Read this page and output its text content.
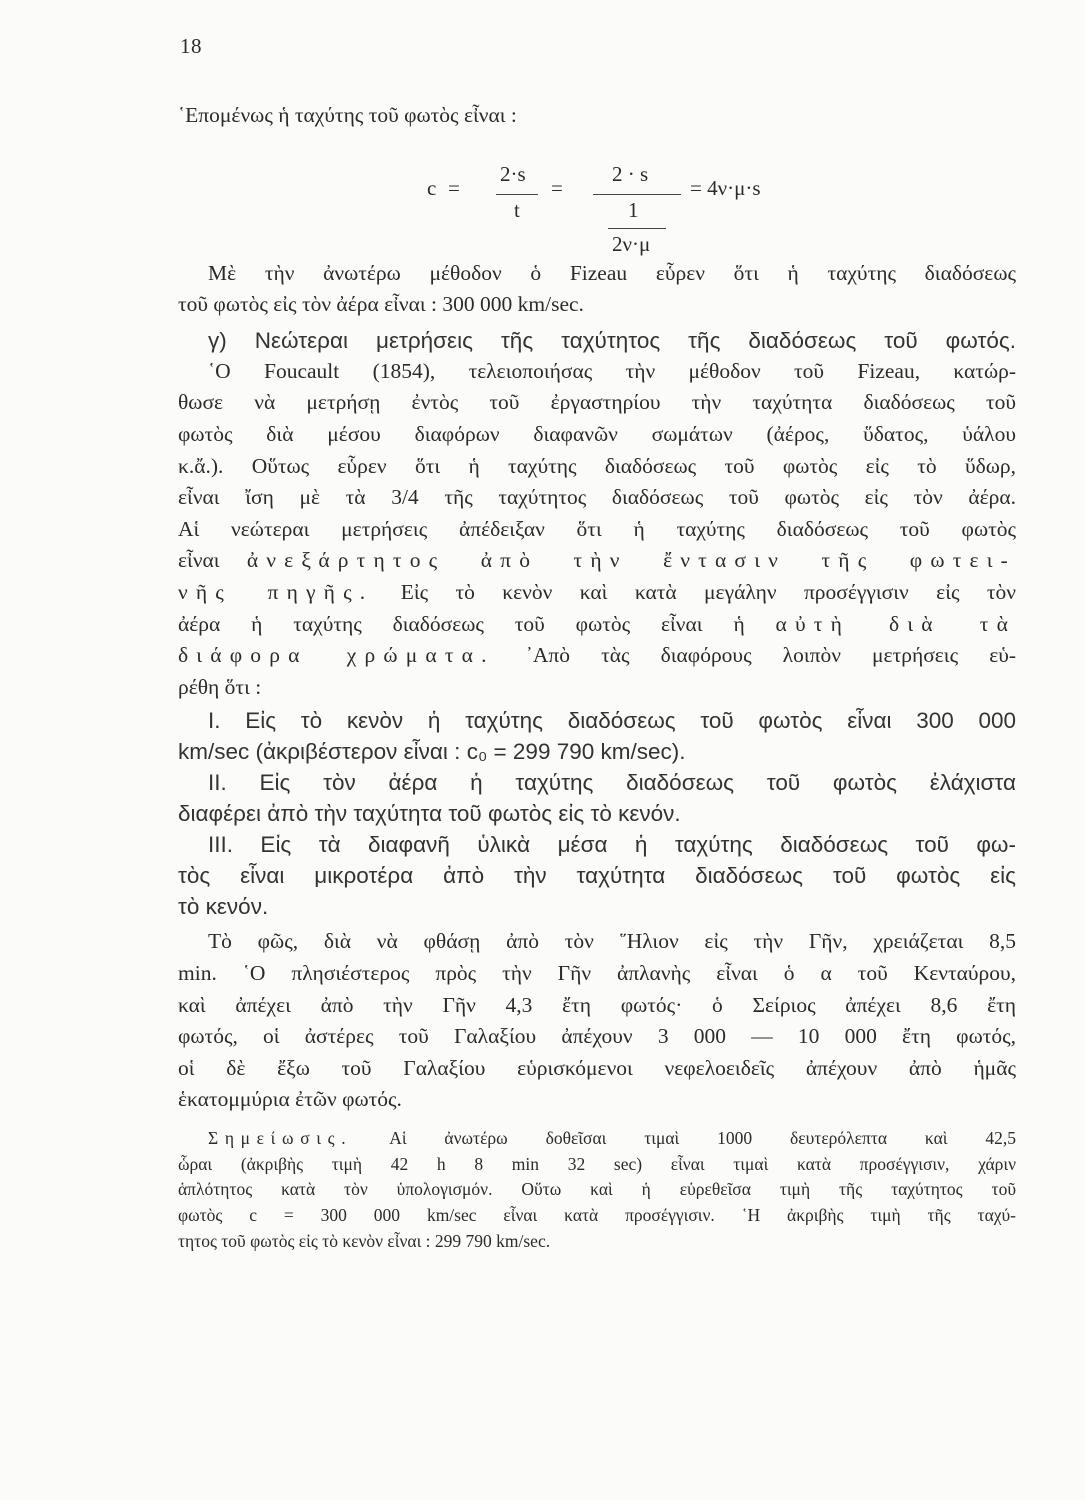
18
῾Επομένως ἡ ταχύτης τοῦ φωτὸς εἶναι :
c =
2·s
t
=
2 · s
1
2ν·μ
= 4ν·μ·s
Μὲ τὴν ἀνωτέρω μέθοδον ὁ Fizeau εὗρεν ὅτι ἡ ταχύτης διαδόσεως
τοῦ φωτὸς εἰς τὸν ἀέρα εἶναι : 300 000 km/sec.
γ) Νεώτεραι μετρήσεις τῆς ταχύτητος τῆς διαδόσεως τοῦ φωτός.
῾Ο Foucault (1854), τελειοποιήσας τὴν μέθοδον τοῦ Fizeau, κατώρ-
θωσε νὰ μετρήσῃ ἐντὸς τοῦ ἐργαστηρίου τὴν ταχύτητα διαδόσεως τοῦ
φωτὸς διὰ μέσου διαφόρων διαφανῶν σωμάτων (ἀέρος, ὕδατος, ὑάλου
κ.ἄ.). Οὕτως εὗρεν ὅτι ἡ ταχύτης διαδόσεως τοῦ φωτὸς εἰς τὸ ὕδωρ,
εἶναι ἴση μὲ τὰ 3/4 τῆς ταχύτητος διαδόσεως τοῦ φωτὸς εἰς τὸν ἀέρα.
Αἱ νεώτεραι μετρήσεις ἀπέδειξαν ὅτι ἡ ταχύτης διαδόσεως τοῦ φωτὸς
εἶναι ἀνεξάρτητος ἀπὸ τὴν ἔντασιν τῆς φωτει-
νῆς πηγῆς. Εἰς τὸ κενὸν καὶ κατὰ μεγάλην προσέγγισιν εἰς τὸν
ἀέρα ἡ ταχύτης διαδόσεως τοῦ φωτὸς εἶναι ἡ αὐτὴ διὰ τὰ
διάφορα χρώματα. ᾿Απὸ τὰς διαφόρους λοιπὸν μετρήσεις εὑ-
ρέθη ὅτι :
I. Εἰς τὸ κενὸν ἡ ταχύτης διαδόσεως τοῦ φωτὸς εἶναι 300 000
km/sec (ἀκριβέστερον εἶναι : c₀ = 299 790 km/sec).
II. Εἰς τὸν ἀέρα ἡ ταχύτης διαδόσεως τοῦ φωτὸς ἐλάχιστα
διαφέρει ἀπὸ τὴν ταχύτητα τοῦ φωτὸς εἰς τὸ κενόν.
III. Εἰς τὰ διαφανῆ ὑλικὰ μέσα ἡ ταχύτης διαδόσεως τοῦ φω-
τὸς εἶναι μικροτέρα ἀπὸ τὴν ταχύτητα διαδόσεως τοῦ φωτὸς εἰς
τὸ κενόν.
Τὸ φῶς, διὰ νὰ φθάσῃ ἀπὸ τὸν ῞Ηλιον εἰς τὴν Γῆν, χρειάζεται 8,5
min. ῾Ο πλησιέστερος πρὸς τὴν Γῆν ἀπλανὴς εἶναι ὁ α τοῦ Κενταύρου,
καὶ ἀπέχει ἀπὸ τὴν Γῆν 4,3 ἔτη φωτός· ὁ Σείριος ἀπέχει 8,6 ἔτη
φωτός, οἱ ἀστέρες τοῦ Γαλαξίου ἀπέχουν 3 000 — 10 000 ἔτη φωτός,
οἱ δὲ ἔξω τοῦ Γαλαξίου εὑρισκόμενοι νεφελοειδεῖς ἀπέχουν ἀπὸ ἡμᾶς
ἑκατομμύρια ἐτῶν φωτός.
Σημείωσις. Αἱ ἀνωτέρω δοθεῖσαι τιμαὶ 1000 δευτερόλεπτα καὶ 42,5
ὧραι (ἀκριβὴς τιμὴ 42 h 8 min 32 sec) εἶναι τιμαὶ κατὰ προσέγγισιν, χάριν
ἁπλότητος κατὰ τὸν ὑπολογισμόν. Οὕτω καὶ ἡ εὑρεθεῖσα τιμὴ τῆς ταχύτητος τοῦ
φωτὸς c = 300 000 km/sec εἶναι κατὰ προσέγγισιν. ῾Η ἀκριβὴς τιμὴ τῆς ταχύ-
τητος τοῦ φωτὸς εἰς τὸ κενὸν εἶναι : 299 790 km/sec.
